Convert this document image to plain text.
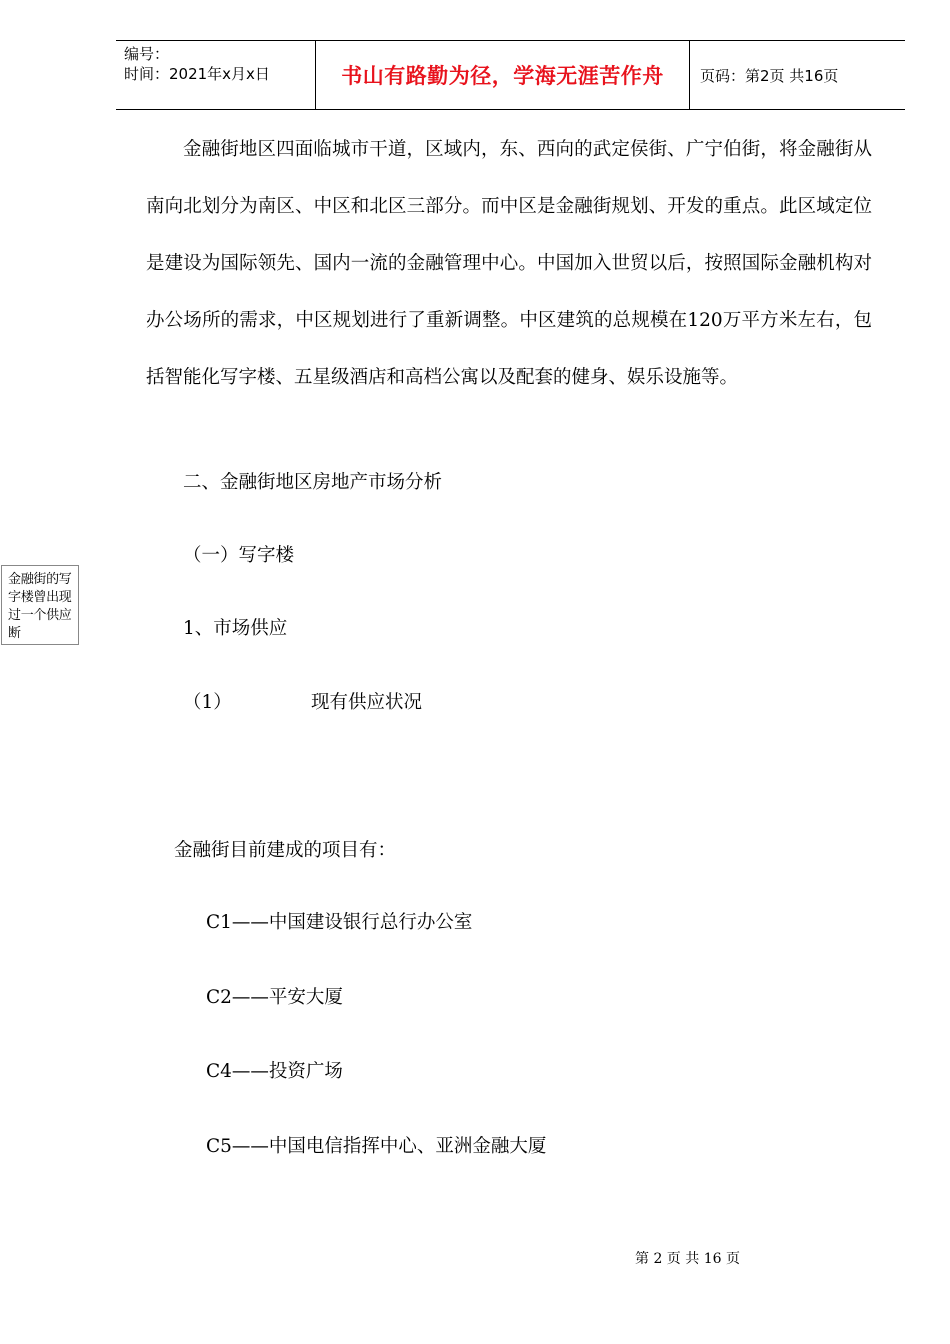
编号：
时间：2021年x月x日	书山有路勤为径，学海无涯苦作舟 页码：第2页 共16页

金融街地区四面临城市干道，区域内，东、西向的武定侯街、广宁伯街，将金融街从南向北划分为南区、中区和北区三部分。而中区是金融街规划、开发的重点。此区域定位是建设为国际领先、国内一流的金融管理中心。中国加入世贸以后，按照国际金融机构对办公场所的需求，中区规划进行了重新调整。中区建筑的总规模在120万平方米左右，包括智能化写字楼、五星级酒店和高档公寓以及配套的健身、娱乐设施等。

二、金融街地区房地产市场分析
（一）写字楼
1、市场供应
（1）	现有供应状况
金融街目前建成的项目有：
C1——中国建设银行总行办公室
C2——平安大厦
C4——投资广场
C5——中国电信指挥中心、亚洲金融大厦
金融街的写字楼曾出现过一个供应断
第 2 页 共 16 页
